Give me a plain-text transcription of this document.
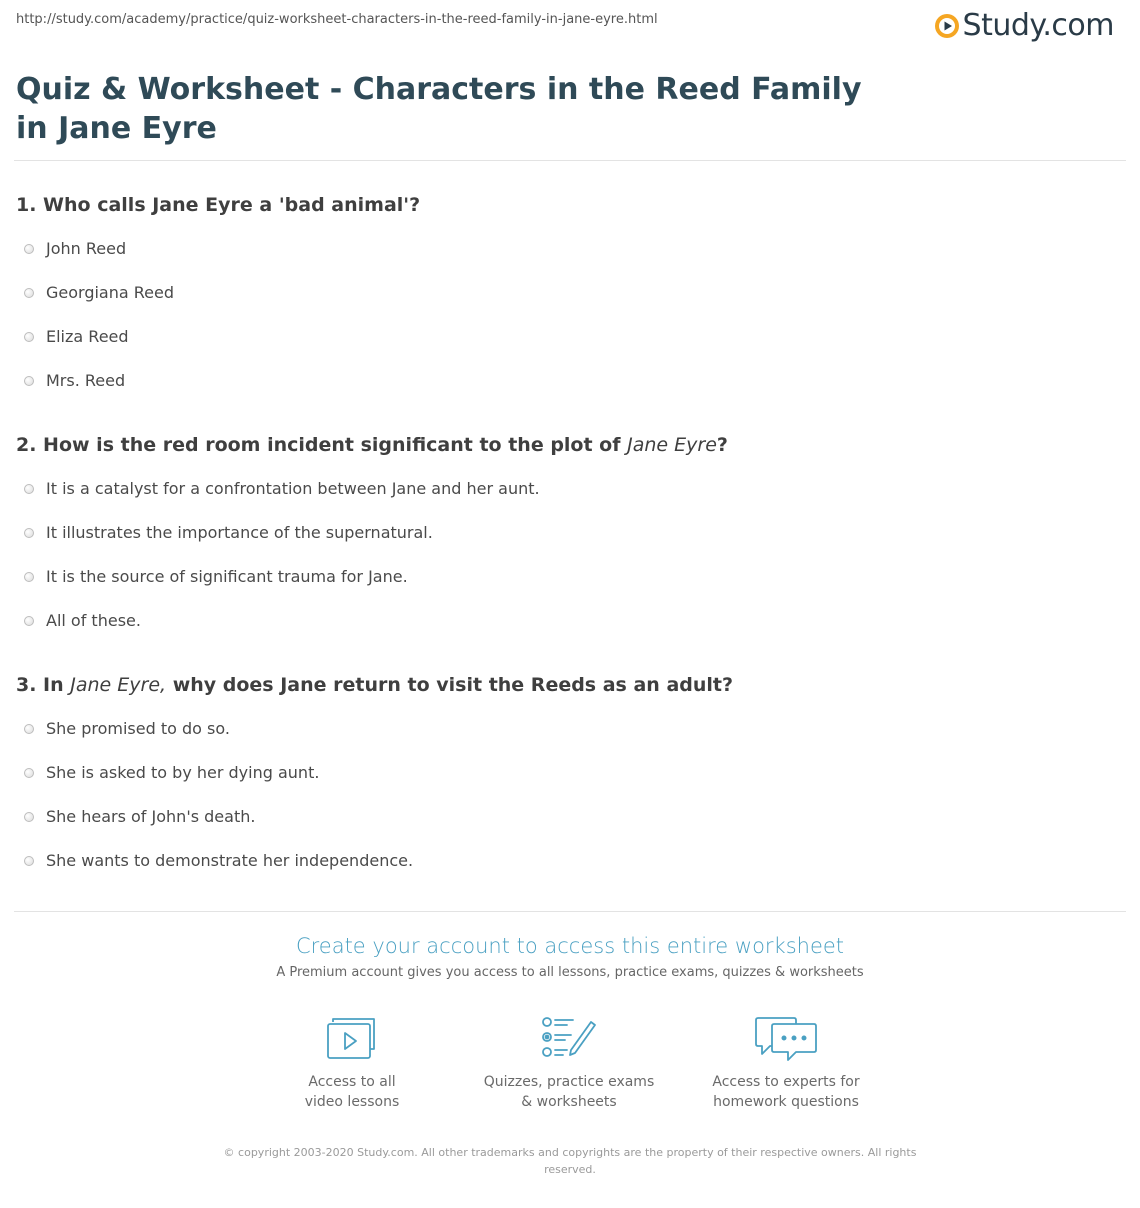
http://study.com/academy/practice/quiz-worksheet-characters-in-the-reed-family-in-jane-eyre.html	Study.com
Quiz & Worksheet - Characters in the Reed Family in Jane Eyre
1. Who calls Jane Eyre a 'bad animal'?
John Reed
Georgiana Reed
Eliza Reed
Mrs. Reed
2. How is the red room incident significant to the plot of Jane Eyre?
It is a catalyst for a confrontation between Jane and her aunt.
It illustrates the importance of the supernatural.
It is the source of significant trauma for Jane.
All of these.
3. In Jane Eyre, why does Jane return to visit the Reeds as an adult?
She promised to do so.
She is asked to by her dying aunt.
She hears of John's death.
She wants to demonstrate her independence.
Create your account to access this entire worksheet
A Premium account gives you access to all lessons, practice exams, quizzes & worksheets
Access to all
video lessons
Quizzes, practice exams
& worksheets
Access to experts for
homework questions
© copyright 2003-2020 Study.com. All other trademarks and copyrights are the property of their respective owners. All rights reserved.
